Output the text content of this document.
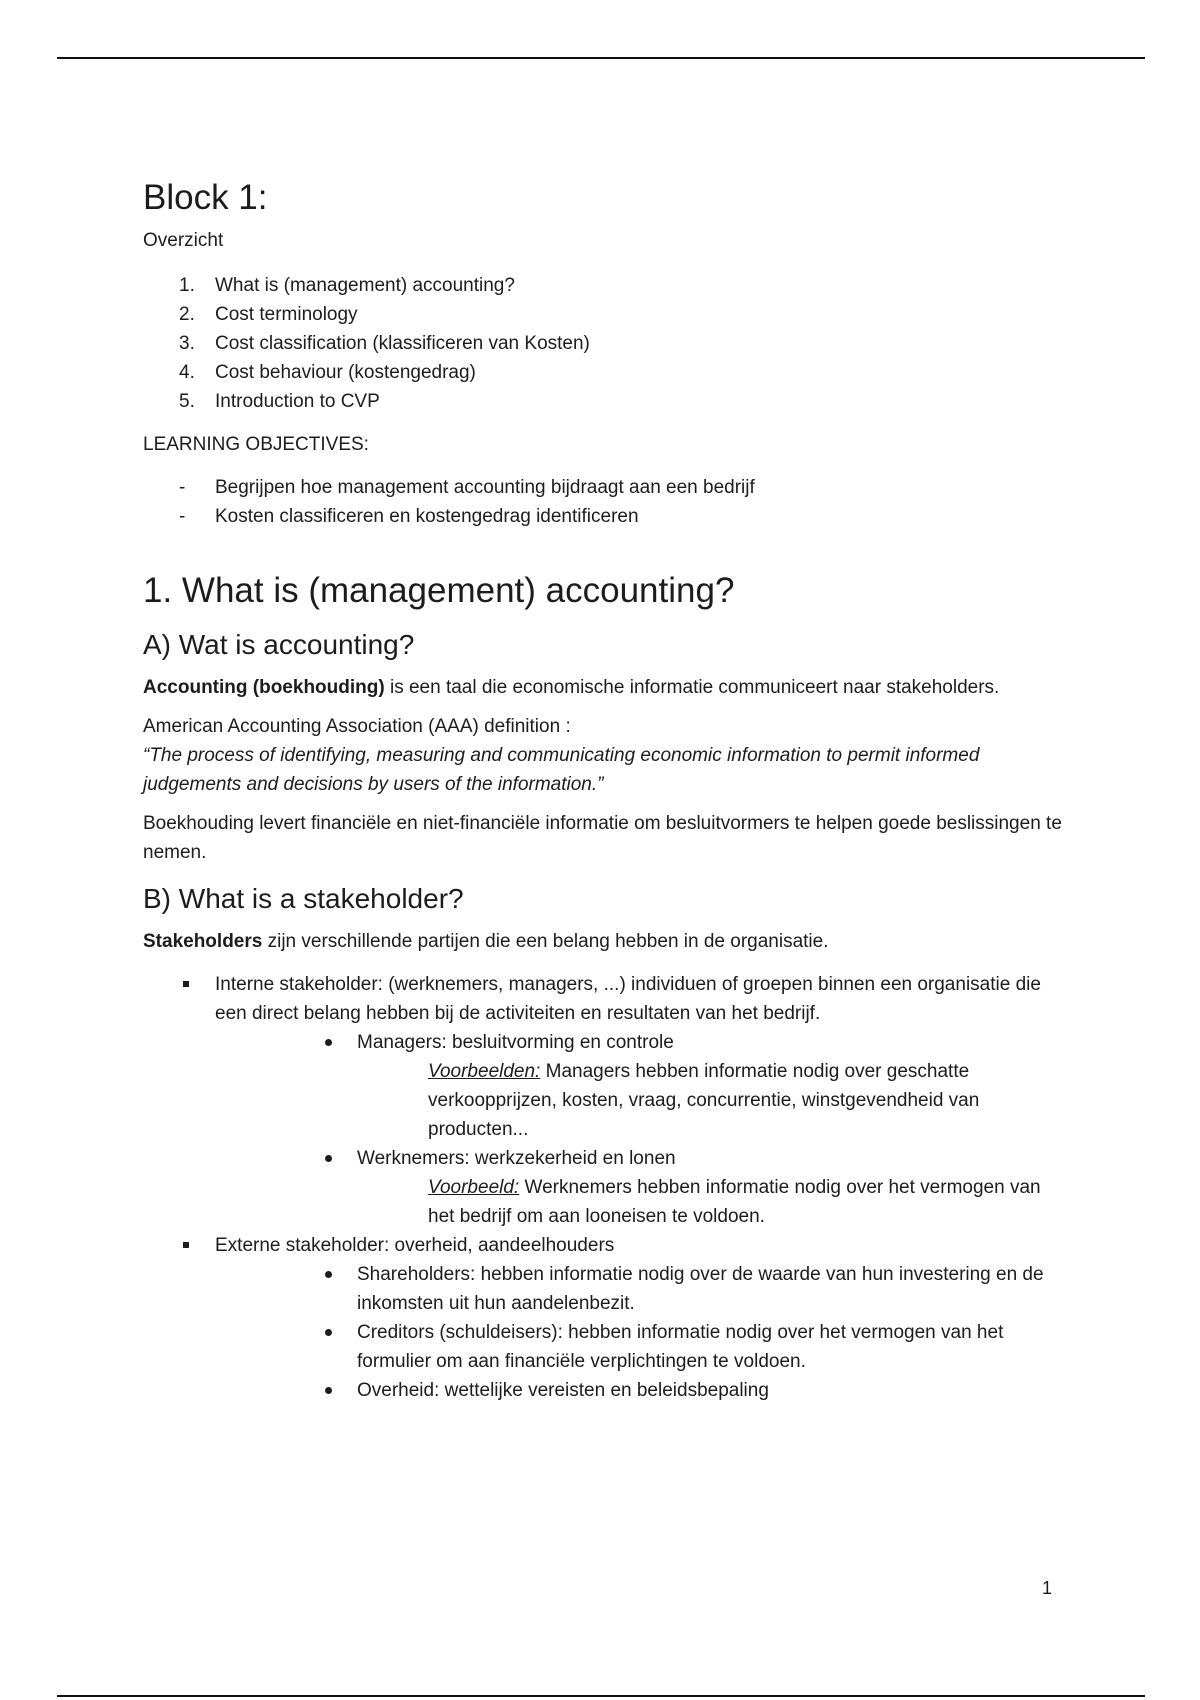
Block 1:

Overzicht

1. What is (management) accounting?
2. Cost terminology
3. Cost classification (klassificeren van Kosten)
4. Cost behaviour (kostengedrag)
5. Introduction to CVP

LEARNING OBJECTIVES:

- Begrijpen hoe management accounting bijdraagt aan een bedrijf
- Kosten classificeren en kostengedrag identificeren
1. What is (management) accounting?
A) Wat is accounting?

Accounting (boekhouding) is een taal die economische informatie communiceert naar stakeholders.

American Accounting Association (AAA) definition :
“The process of identifying, measuring and communicating economic information to permit informed judgements and decisions by users of the information.”

Boekhouding levert financiële en niet-financiële informatie om besluitvormers te helpen goede beslissingen te nemen.

B) What is a stakeholder?

Stakeholders zijn verschillende partijen die een belang hebben in de organisatie.

Interne stakeholder: (werknemers, managers, ...) individuen of groepen binnen een organisatie die een direct belang hebben bij de activiteiten en resultaten van het bedrijf.
Managers: besluitvorming en controle
Voorbeelden: Managers hebben informatie nodig over geschatte verkoopprijzen, kosten, vraag, concurrentie, winstgevendheid van producten...
Werknemers: werkzekerheid en lonen
Voorbeeld: Werknemers hebben informatie nodig over het vermogen van het bedrijf om aan looneisen te voldoen.
Externe stakeholder: overheid, aandeelhouders
Shareholders: hebben informatie nodig over de waarde van hun investering en de inkomsten uit hun aandelenbezit.
Creditors (schuldeisers): hebben informatie nodig over het vermogen van het formulier om aan financiële verplichtingen te voldoen.
Overheid: wettelijke vereisten en beleidsbepaling
1
